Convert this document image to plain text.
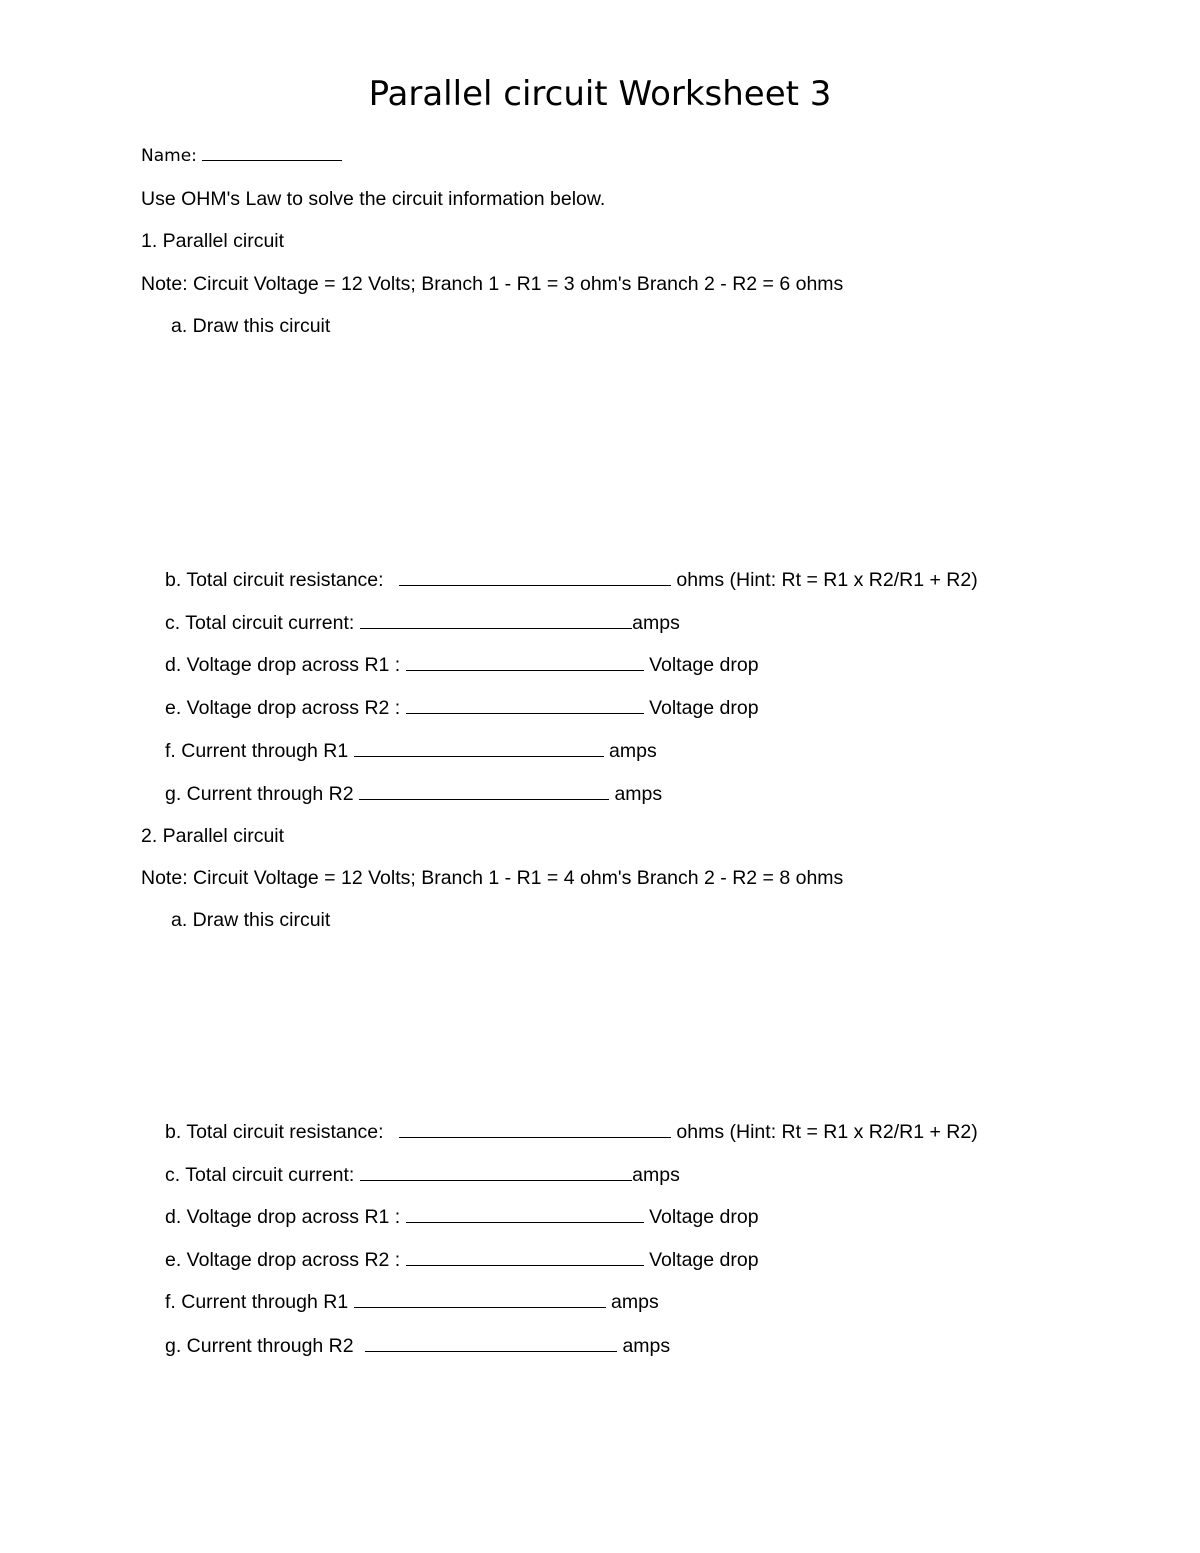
Parallel circuit Worksheet 3
Name:
Use OHM's Law to solve the circuit information below.
1. Parallel circuit
Note: Circuit Voltage = 12 Volts; Branch 1 - R1 = 3 ohm's Branch 2 - R2 = 6 ohms
a. Draw this circuit
b. Total circuit resistance:	ohms (Hint: Rt = R1 x R2/R1 + R2)
c. Total circuit current:	amps
d. Voltage drop across R1 :	Voltage drop
e. Voltage drop across R2 :	Voltage drop
f. Current through R1	amps
g. Current through R2	amps
2. Parallel circuit
Note: Circuit Voltage = 12 Volts; Branch 1 - R1 = 4 ohm's Branch 2 - R2 = 8 ohms
a. Draw this circuit
b. Total circuit resistance:	ohms (Hint: Rt = R1 x R2/R1 + R2)
c. Total circuit current:	amps
d. Voltage drop across R1 :	Voltage drop
e. Voltage drop across R2 :	Voltage drop
f. Current through R1	amps
g. Current through R2	amps
